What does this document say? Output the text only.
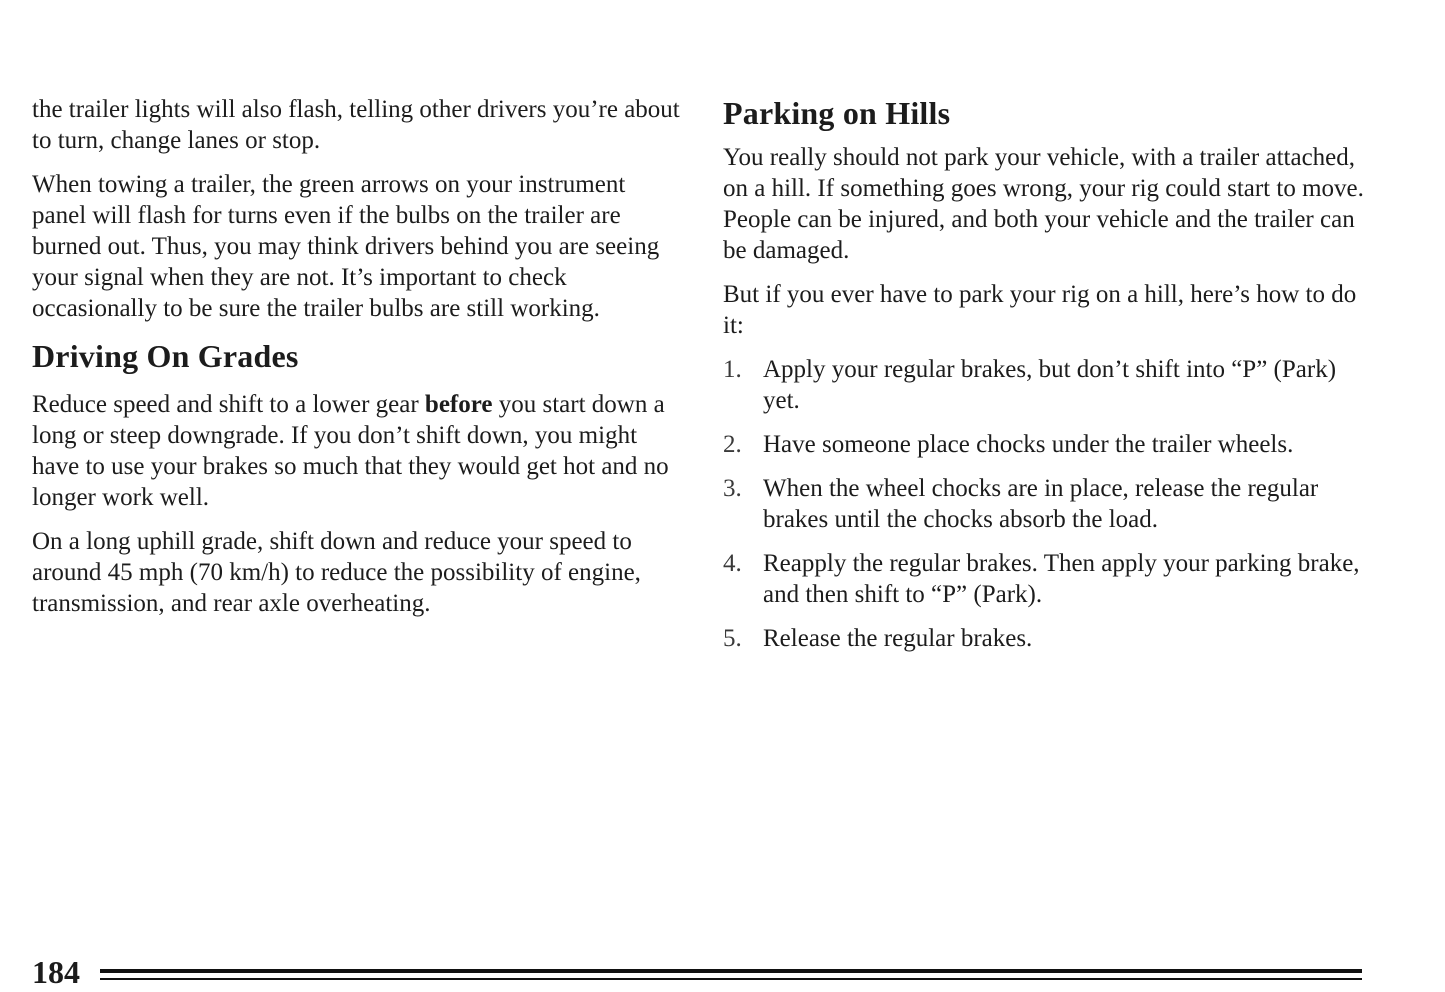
the trailer lights will also flash, telling other drivers you’re about to turn, change lanes or stop.

When towing a trailer, the green arrows on your instrument panel will flash for turns even if the bulbs on the trailer are burned out. Thus, you may think drivers behind you are seeing your signal when they are not. It’s important to check occasionally to be sure the trailer bulbs are still working.

Driving On Grades

Reduce speed and shift to a lower gear before you start down a long or steep downgrade. If you don’t shift down, you might have to use your brakes so much that they would get hot and no longer work well.

On a long uphill grade, shift down and reduce your speed to around 45 mph (70 km/h) to reduce the possibility of engine, transmission, and rear axle overheating.

Parking on Hills

You really should not park your vehicle, with a trailer attached, on a hill. If something goes wrong, your rig could start to move. People can be injured, and both your vehicle and the trailer can be damaged.

But if you ever have to park your rig on a hill, here’s how to do it:

1. Apply your regular brakes, but don’t shift into “P” (Park) yet.
2. Have someone place chocks under the trailer wheels.
3. When the wheel chocks are in place, release the regular brakes until the chocks absorb the load.
4. Reapply the regular brakes. Then apply your parking brake, and then shift to “P” (Park).
5. Release the regular brakes.
184
